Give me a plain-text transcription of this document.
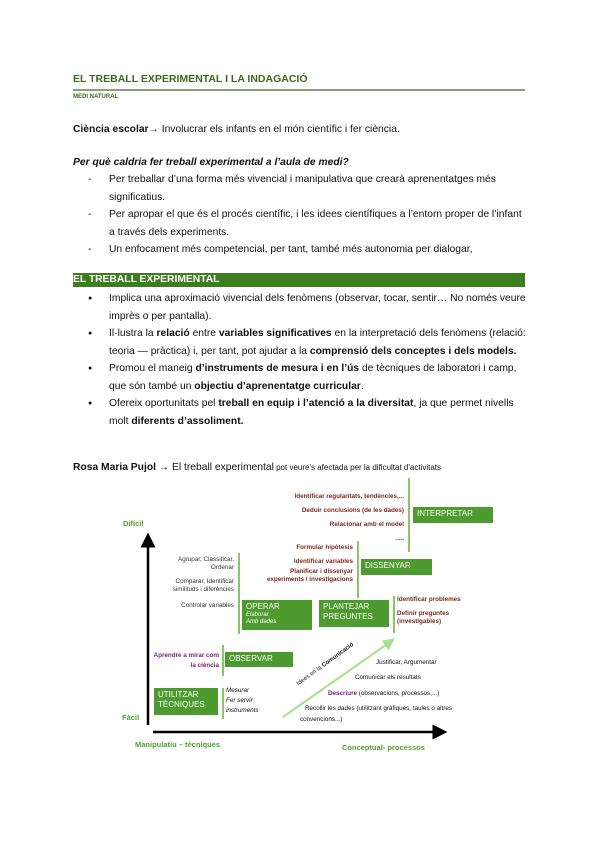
EL TREBALL EXPERIMENTAL I LA INDAGACIÓ
MEDI NATURAL
Ciència escolar→ Involucrar els infants en el món científic i fer ciència.
Per què caldria fer treball experimental a l’aula de medi?
- Per treballar d’una forma més vivencial i manipulativa que crearà aprenentatges més significatius.
- Per apropar el que és el procés científic, i les idees científiques a l’entorn proper de l’infant a través dels experiments.
- Un enfocament més competencial, per tant, també més autonomia per dialogar,
EL TREBALL EXPERIMENTAL
● Implica una aproximació vivencial dels fenòmens (observar, tocar, sentir… No només veure imprès o per pantalla).
● Il·lustra la relació entre variables significatives en la interpretació dels fenòmens (relació: teoria — pràctica) i, per tant, pot ajudar a la comprensió dels conceptes i dels models.
● Promou el maneig d’instruments de mesura i en l’ús de tècniques de laboratori i camp, que són també un objectiu d’aprenentatge curricular.
● Ofereix oportunitats pel treball en equip i l’atenció a la diversitat, ja que permet nivells molt diferents d’assoliment.
Rosa Maria Pujol → El treball experimental pot veure's afectada per la dificultat d'activitats
Difícil
Fàcil
Manipulatiu – tècniques	Conceptual- processos
Identificar regularitats, tendències,...
Deduir conclusions (de les dades)
Relacionar amb el model
.....
INTERPRETAR
Formular hipòtesis
Identificar variables
Planificar i dissenyar
experiments / investigacions
DISSENYAR
Agrupar, Classificar,
Ordenar
Comparar, Identificar
similituds i diferències
Controlar variables	OPERAR
Elaborar
Amb dades
PLANTEJAR
PREGUNTES
Identificar problemes
Definir preguntes
(investigables)
Aprendre a mirar com
la ciència
OBSERVAR
UTILITZAR
TÈCNIQUES
Mesurar
Fer servir
instruments
Idees en la Comunicació	Justificar, Argumentar
Comunicar els resultats
Descriure (observacions, processos,...)
Recollir les dades (utilitzant gràfiques, taules o altres
convencions...)
